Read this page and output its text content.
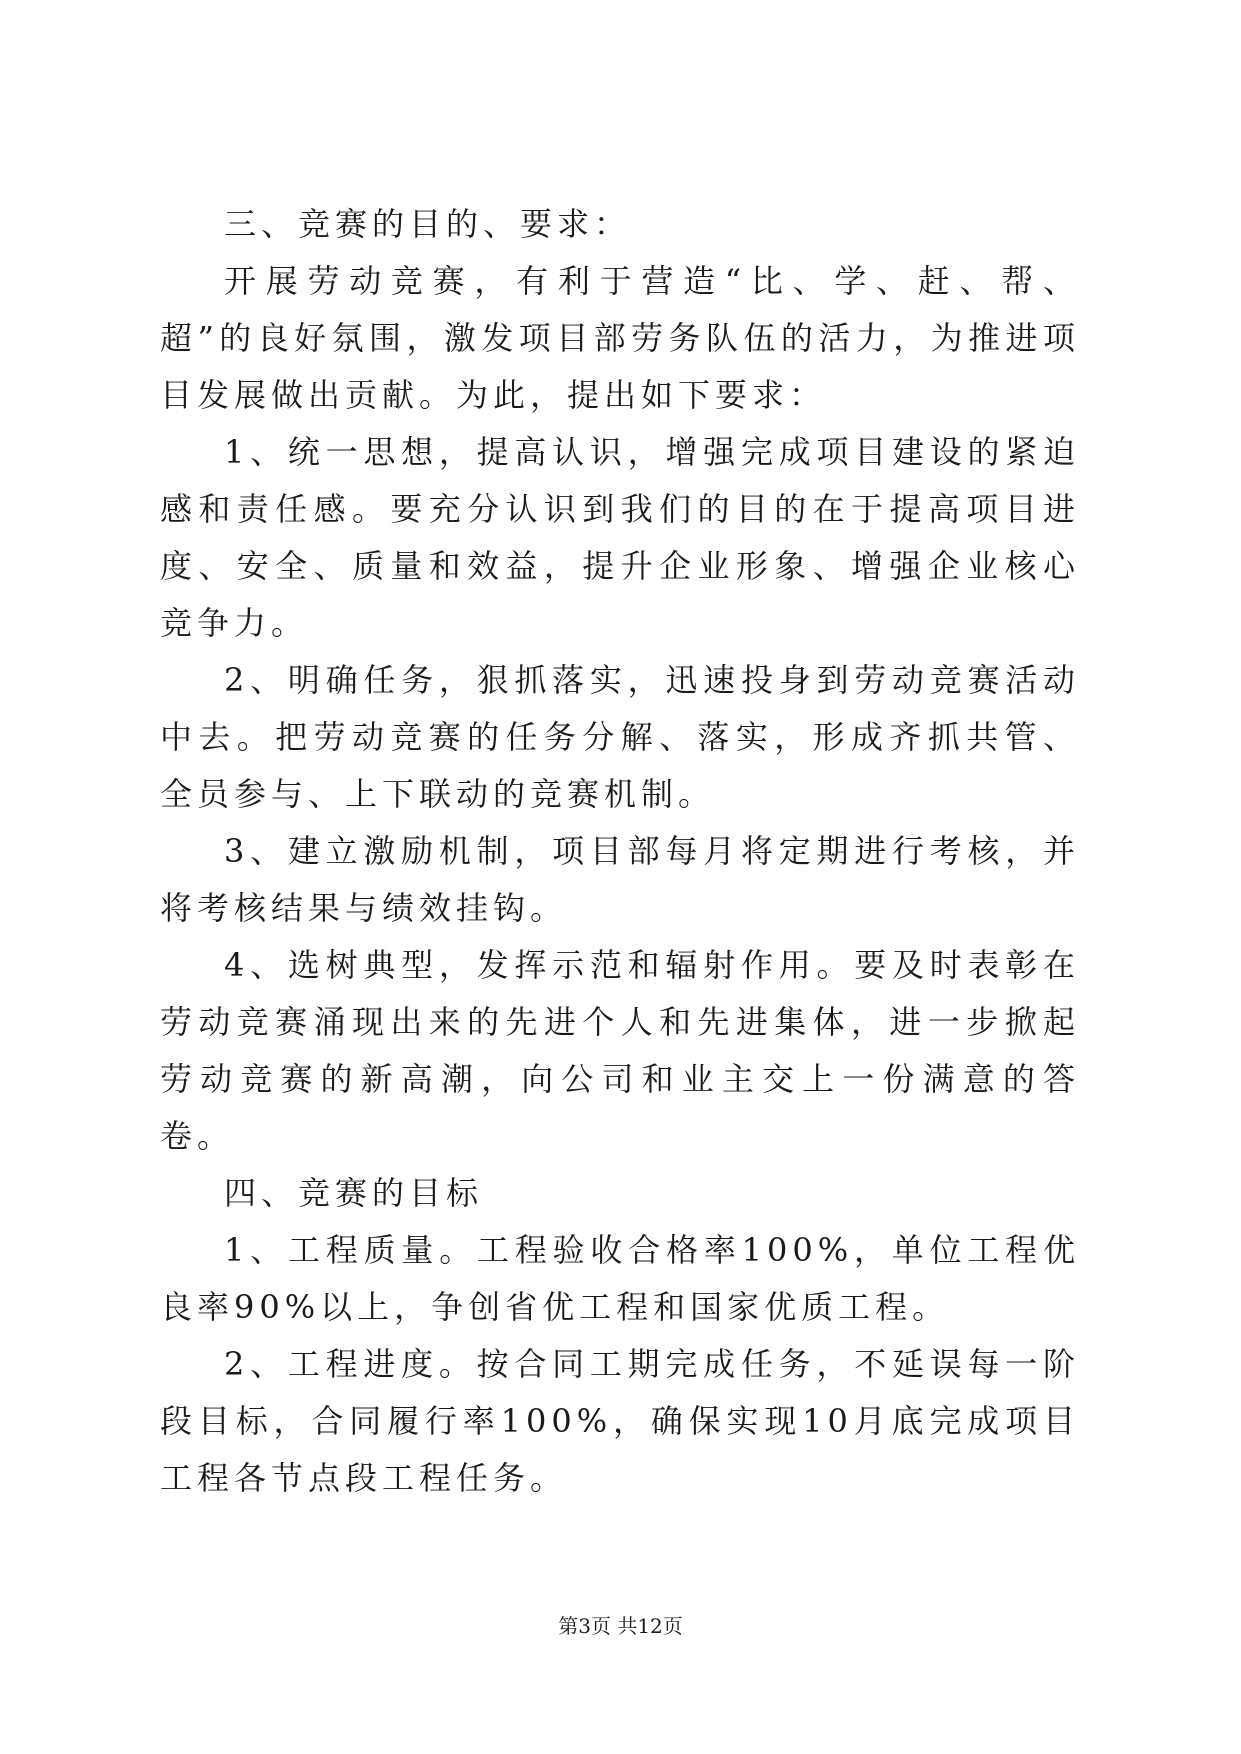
三、竞赛的目的、要求：

开展劳动竞赛，有利于营造“比、学、赶、帮、超”的良好氛围，激发项目部劳务队伍的活力，为推进项目发展做出贡献。为此，提出如下要求：

1、统一思想，提高认识，增强完成项目建设的紧迫感和责任感。要充分认识到我们的目的在于提高项目进度、安全、质量和效益，提升企业形象、增强企业核心竞争力。

2、明确任务，狠抓落实，迅速投身到劳动竞赛活动中去。把劳动竞赛的任务分解、落实，形成齐抓共管、全员参与、上下联动的竞赛机制。

3、建立激励机制，项目部每月将定期进行考核，并将考核结果与绩效挂钩。

4、选树典型，发挥示范和辐射作用。要及时表彰在劳动竞赛涌现出来的先进个人和先进集体，进一步掀起劳动竞赛的新高潮，向公司和业主交上一份满意的答卷。

四、竞赛的目标

1、工程质量。工程验收合格率100%，单位工程优良率90%以上，争创省优工程和国家优质工程。

2、工程进度。按合同工期完成任务，不延误每一阶段目标，合同履行率100%，确保实现10月底完成项目工程各节点段工程任务。

第3页 共12页
